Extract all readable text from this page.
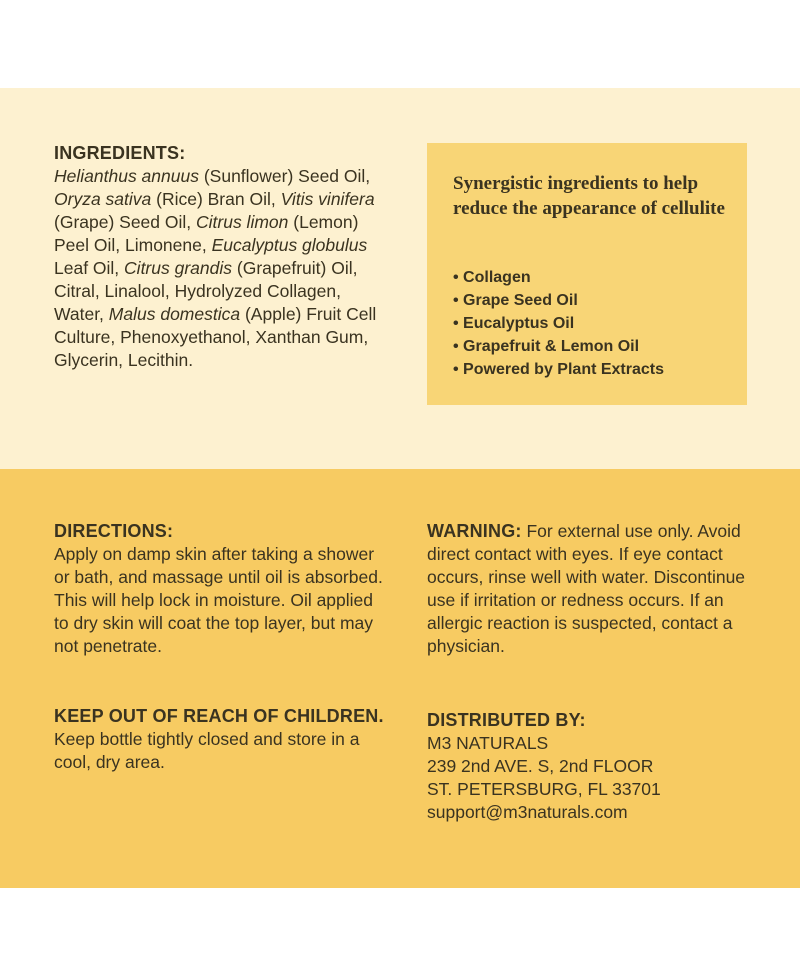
INGREDIENTS:

Helianthus annuus (Sunflower) Seed Oil, Oryza sativa (Rice) Bran Oil, Vitis vinifera (Grape) Seed Oil, Citrus limon (Lemon) Peel Oil, Limonene, Eucalyptus globulus Leaf Oil, Citrus grandis (Grapefruit) Oil, Citral, Linalool, Hydrolyzed Collagen, Water, Malus domestica (Apple) Fruit Cell Culture, Phenoxyethanol, Xanthan Gum, Glycerin, Lecithin.

Synergistic ingredients to help reduce the appearance of cellulite
• Collagen
• Grape Seed Oil
• Eucalyptus Oil
• Grapefruit & Lemon Oil
• Powered by Plant Extracts
DIRECTIONS:
Apply on damp skin after taking a shower or bath, and massage until oil is absorbed. This will help lock in moisture. Oil applied to dry skin will coat the top layer, but may not penetrate.
KEEP OUT OF REACH OF CHILDREN. Keep bottle tightly closed and store in a cool, dry area.
WARNING: For external use only. Avoid direct contact with eyes. If eye contact occurs, rinse well with water. Discontinue use if irritation or redness occurs. If an allergic reaction is suspected, contact a physician.
DISTRIBUTED BY:
M3 NATURALS
239 2nd AVE. S, 2nd FLOOR
ST. PETERSBURG, FL 33701
support@m3naturals.com
